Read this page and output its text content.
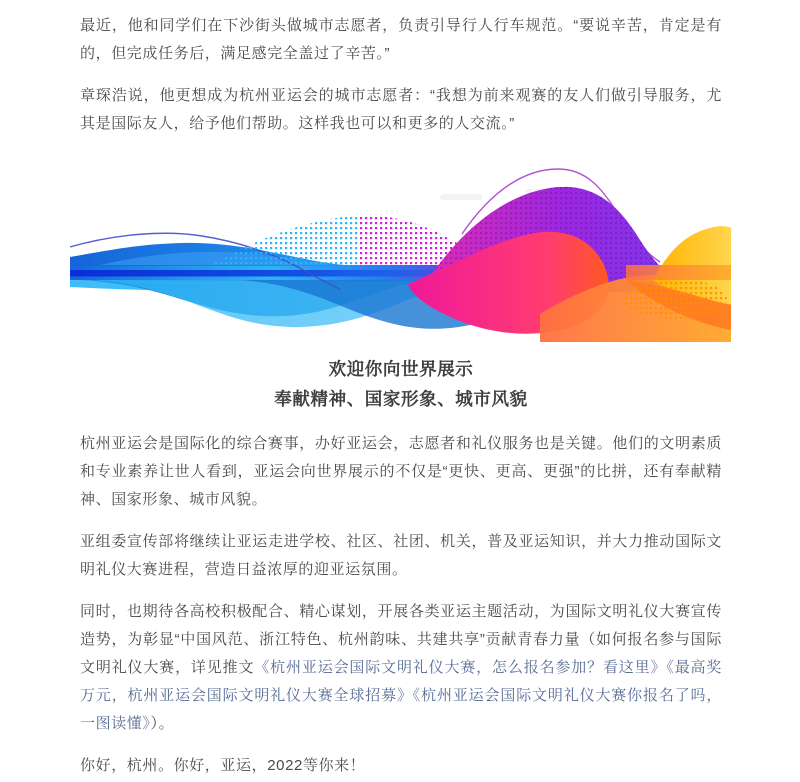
最近，他和同学们在下沙街头做城市志愿者，负责引导行人行车规范。“要说辛苦，肯定是有的，但完成任务后，满足感完全盖过了辛苦。”

章琛浩说，他更想成为杭州亚运会的城市志愿者：“我想为前来观赛的友人们做引导服务，尤其是国际友人，给予他们帮助。这样我也可以和更多的人交流。”

欢迎你向世界展示
奉献精神、国家形象、城市风貌

杭州亚运会是国际化的综合赛事，办好亚运会，志愿者和礼仪服务也是关键。他们的文明素质和专业素养让世人看到，亚运会向世界展示的不仅是“更快、更高、更强”的比拼，还有奉献精神、国家形象、城市风貌。

亚组委宣传部将继续让亚运走进学校、社区、社团、机关，普及亚运知识，并大力推动国际文明礼仪大赛进程，营造日益浓厚的迎亚运氛围。

同时，也期待各高校积极配合、精心谋划，开展各类亚运主题活动，为国际文明礼仪大赛宣传造势，为彰显“中国风范、浙江特色、杭州韵味、共建共享”贡献青春力量（如何报名参与国际文明礼仪大赛，详见推文《杭州亚运会国际文明礼仪大赛，怎么报名参加？看这里》《最高奖万元，杭州亚运会国际文明礼仪大赛全球招募》《杭州亚运会国际文明礼仪大赛你报名了吗，一图读懂》）。

你好，杭州。你好，亚运，2022等你来！
